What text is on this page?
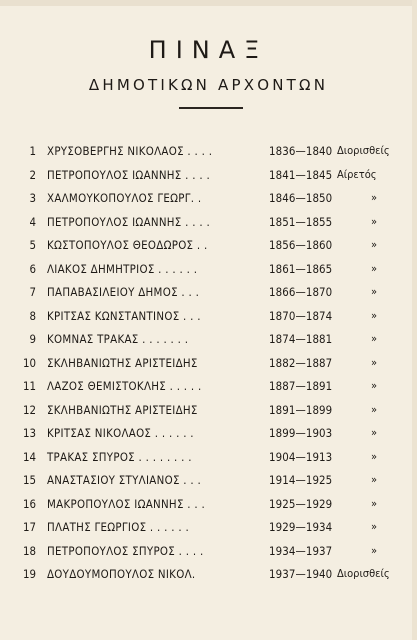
ΠΙΝΑΞ
ΔΗΜΟΤΙΚΩΝ ΑΡΧΟΝΤΩΝ
1 ΧΡΥΣΟΒΕΡΓΗΣ ΝΙΚΟΛΑΟΣ . . . .	1836—1840 Διορισθείς
2 ΠΕΤΡΟΠΟΥΛΟΣ ΙΩΑΝΝΗΣ . . . .	1841—1845 Αίρετός
3 ΧΑΛΜΟΥΚΟΠΟΥΛΟΣ ΓΕΩΡΓ. .	1846—1850	»
4 ΠΕΤΡΟΠΟΥΛΟΣ ΙΩΑΝΝΗΣ . . . .	1851—1855	»
5 ΚΩΣΤΟΠΟΥΛΟΣ ΘΕΟΔΩΡΟΣ . .	1856—1860	»
6 ΛΙΑΚΟΣ ΔΗΜΗΤΡΙΟΣ . . . . . .	1861—1865	»
7 ΠΑΠΑΒΑΣΙΛΕΙΟΥ ΔΗΜΟΣ . . .	1866—1870	»
8 ΚΡΙΤΣΑΣ ΚΩΝΣΤΑΝΤΙΝΟΣ . . .	1870—1874	»
9 ΚΟΜΝΑΣ ΤΡΑΚΑΣ . . . . . . .	1874—1881	»
10 ΣΚΛΗΒΑΝΙΩΤΗΣ ΑΡΙΣΤΕΙΔΗΣ	1882—1887	»
11 ΛΑΖΟΣ ΘΕΜΙΣΤΟΚΛΗΣ . . . . .	1887—1891	»
12 ΣΚΛΗΒΑΝΙΩΤΗΣ ΑΡΙΣΤΕΙΔΗΣ	1891—1899	»
13 ΚΡΙΤΣΑΣ ΝΙΚΟΛΑΟΣ . . . . . .	1899—1903	»
14 ΤΡΑΚΑΣ ΣΠΥΡΟΣ . . . . . . . .	1904—1913	»
15 ΑΝΑΣΤΑΣΙΟΥ ΣΤΥΛΙΑΝΟΣ . . .	1914—1925	»
16 ΜΑΚΡΟΠΟΥΛΟΣ ΙΩΑΝΝΗΣ . . .	1925—1929	»
17 ΠΛΑΤΗΣ ΓΕΩΡΓΙΟΣ . . . . . .	1929—1934	»
18 ΠΕΤΡΟΠΟΥΛΟΣ ΣΠΥΡΟΣ . . . .	1934—1937	»
19 ΔΟΥΔΟΥΜΟΠΟΥΛΟΣ ΝΙΚΟΛ.	1937—1940 Διορισθείς
